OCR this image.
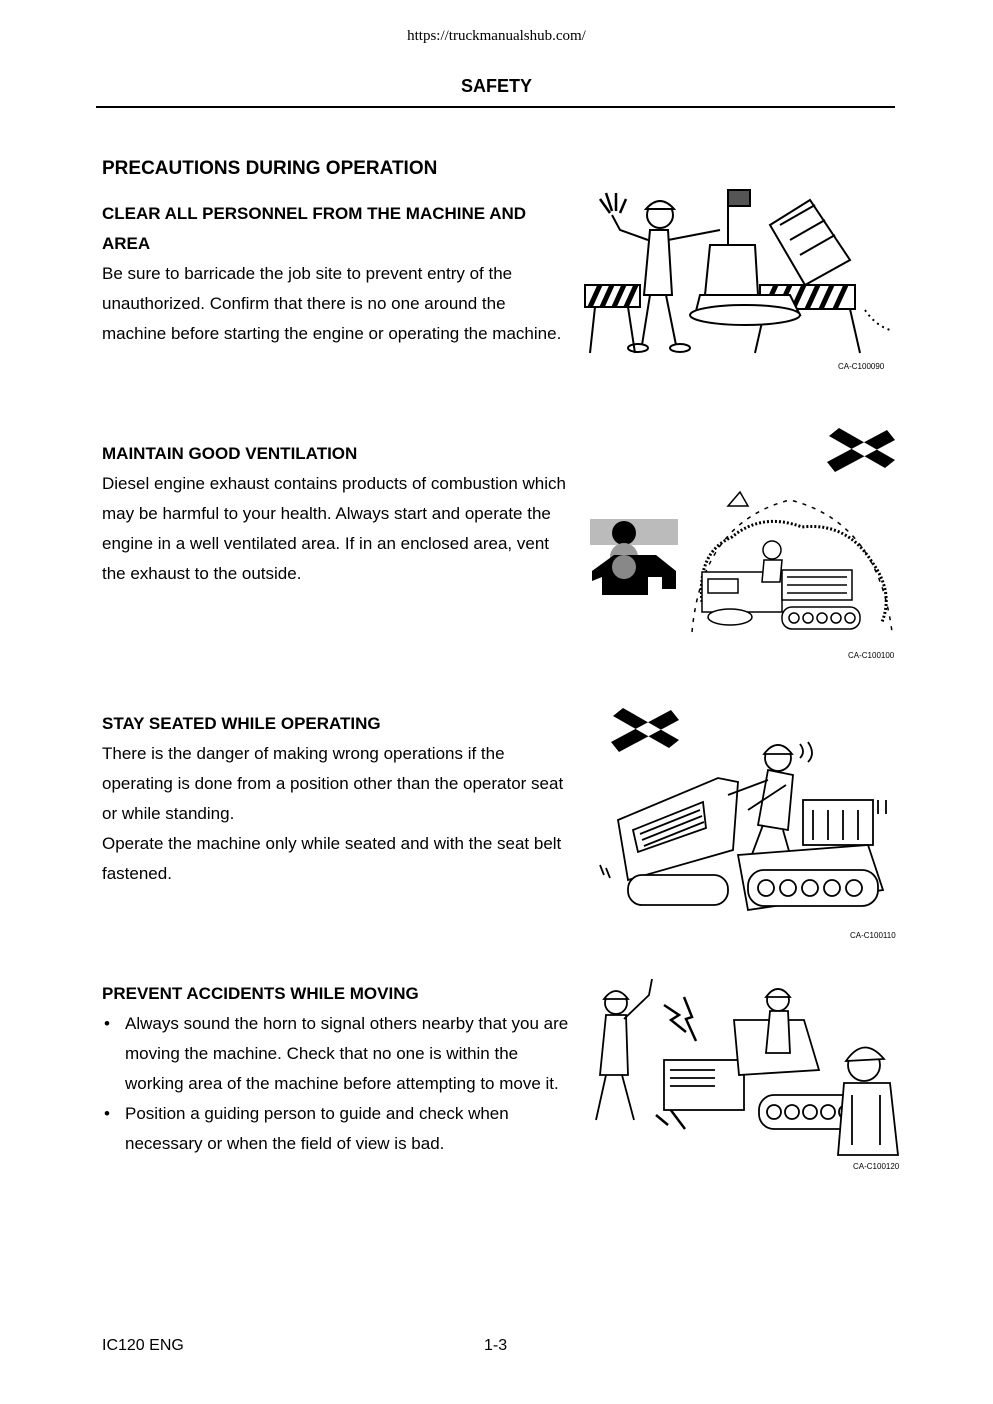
https://truckmanualshub.com/
SAFETY
PRECAUTIONS DURING OPERATION
CLEAR ALL PERSONNEL FROM THE MACHINE AND AREA

Be sure to barricade the job site to prevent entry of the unauthorized. Confirm that there is no one around the machine before starting the engine or operating the machine.

CA-C100090
MAINTAIN GOOD VENTILATION

Diesel engine exhaust contains products of combustion which may be harmful to your health. Always start and operate the engine in a well ventilated area. If in an enclosed area, vent the exhaust to the outside.

CA-C100100
STAY SEATED WHILE OPERATING

There is the danger of making wrong operations if the operating is done from a position other than the operator seat or while standing.

Operate the machine only while seated and with the seat belt fastened.

CA-C100110
PREVENT ACCIDENTS WHILE MOVING
• Always sound the horn to signal others nearby that you are moving the machine. Check that no one is within the working area of the machine before attempting to move it.
• Position a guiding person to guide and check when necessary or when the field of view is bad.
CA-C100120
IC120 ENG	1-3
